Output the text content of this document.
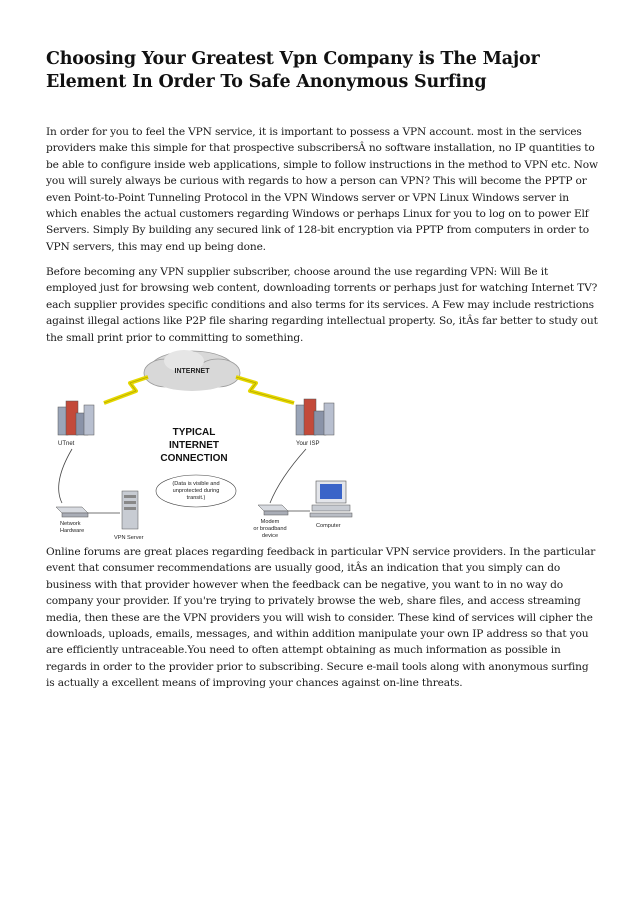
Choosing Your Greatest Vpn Company is The Major Element In Order To Safe Anonymous Surfing

In order for you to feel the VPN service, it is important to possess a VPN account. most in the services providers make this simple for that prospective subscribersÂ no software installation, no IP quantities to be able to configure inside web applications, simple to follow instructions in the method to VPN etc. Now you will surely always be curious with regards to how a person can VPN? This will become the PPTP or even Point-to-Point Tunneling Protocol in the VPN Windows server or VPN Linux Windows server in which enables the actual customers regarding Windows or perhaps Linux for you to log on to power Elf Servers. Simply By building any secured link of 128-bit encryption via PPTP from computers in order to VPN servers, this may end up being done.

Before becoming any VPN supplier subscriber, choose around the use regarding VPN: Will Be it employed just for browsing web content, downloading torrents or perhaps just for watching Internet TV? each supplier provides specific conditions and also terms for its services. A Few may include restrictions against illegal actions like P2P file sharing regarding intellectual property. So, itÂs far better to study out the small print prior to committing to something.

INTERNET
UTnet	Your ISP
TYPICAL
INTERNET
CONNECTION
(Data is visible and
unprotected during
transit.)
Network
Hardware
VPN Server
Modem
or broadband
device
Computer

Online forums are great places regarding feedback in particular VPN service providers. In the particular event that consumer recommendations are usually good, itÂs an indication that you simply can do business with that provider however when the feedback can be negative, you want to in no way do company your provider. If you're trying to privately browse the web, share files, and access streaming media, then these are the VPN providers you will wish to consider. These kind of services will cipher the downloads, uploads, emails, messages, and within addition manipulate your own IP address so that you are efficiently untraceable.You need to often attempt obtaining as much information as possible in regards in order to the provider prior to subscribing. Secure e-mail tools along with anonymous surfing is actually a excellent means of improving your chances against on-line threats.
